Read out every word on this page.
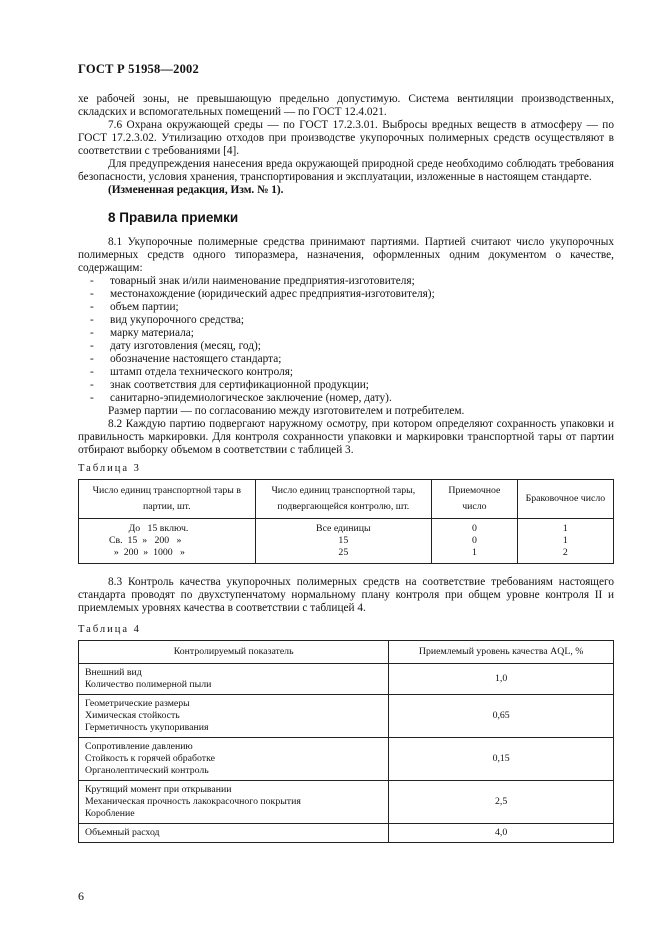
ГОСТ Р 51958—2002

хе рабочей зоны, не превышающую предельно допустимую. Система вентиляции производственных, складских и вспомогательных помещений — по ГОСТ 12.4.021.

7.6 Охрана окружающей среды — по ГОСТ 17.2.3.01. Выбросы вредных веществ в атмосферу — по ГОСТ 17.2.3.02. Утилизацию отходов при производстве укупорочных полимерных средств осуществляют в соответствии с требованиями [4].

Для предупреждения нанесения вреда окружающей природной среде необходимо соблюдать требования безопасности, условия хранения, транспортирования и эксплуатации, изложенные в настоящем стандарте.

(Измененная редакция, Изм. № 1).

8 Правила приемки

8.1 Укупорочные полимерные средства принимают партиями. Партией считают число укупорочных полимерных средств одного типоразмера, назначения, оформленных одним документом о качестве, содержащим:

- товарный знак и/или наименование предприятия-изготовителя;
- местонахождение (юридический адрес предприятия-изготовителя);
- объем партии;
- вид укупорочного средства;
- марку материала;
- дату изготовления (месяц, год);
- обозначение настоящего стандарта;
- штамп отдела технического контроля;
- знак соответствия для сертификационной продукции;
- санитарно-эпидемиологическое заключение (номер, дату).

Размер партии — по согласованию между изготовителем и потребителем.

8.2 Каждую партию подвергают наружному осмотру, при котором определяют сохранность упаковки и правильность маркировки. Для контроля сохранности упаковки и маркировки транспортной тары от партии отбирают выборку объемом в соответствии с таблицей 3.

Таблица 3
Число единиц транспортной тары в партии, шт.	Число единиц транспортной тары, подвергающейся контролю, шт.	Приемочное число	Браковочное число
До   15 включ.	Все единицы	0	1
Св.  15  »   200   »	15	0	1
»  200  »  1000   »	25	1	2

8.3 Контроль качества укупорочных полимерных средств на соответствие требованиям настоящего стандарта проводят по двухступенчатому нормальному плану контроля при общем уровне контроля II и приемлемых уровнях качества в соответствии с таблицей 4.

Таблица 4
Контролируемый показатель	Приемлемый уровень качества AQL, %

Внешний вид
Количество полимерной пыли	1,0

Геометрические размеры
Химическая стойкость
Герметичность укупоривания	0,65

Сопротивление давлению
Стойкость к горячей обработке
Органолептический контроль	0,15

Крутящий момент при открывании
Механическая прочность лакокрасочного покрытия
Коробление	2,5

Объемный расход	4,0
6
